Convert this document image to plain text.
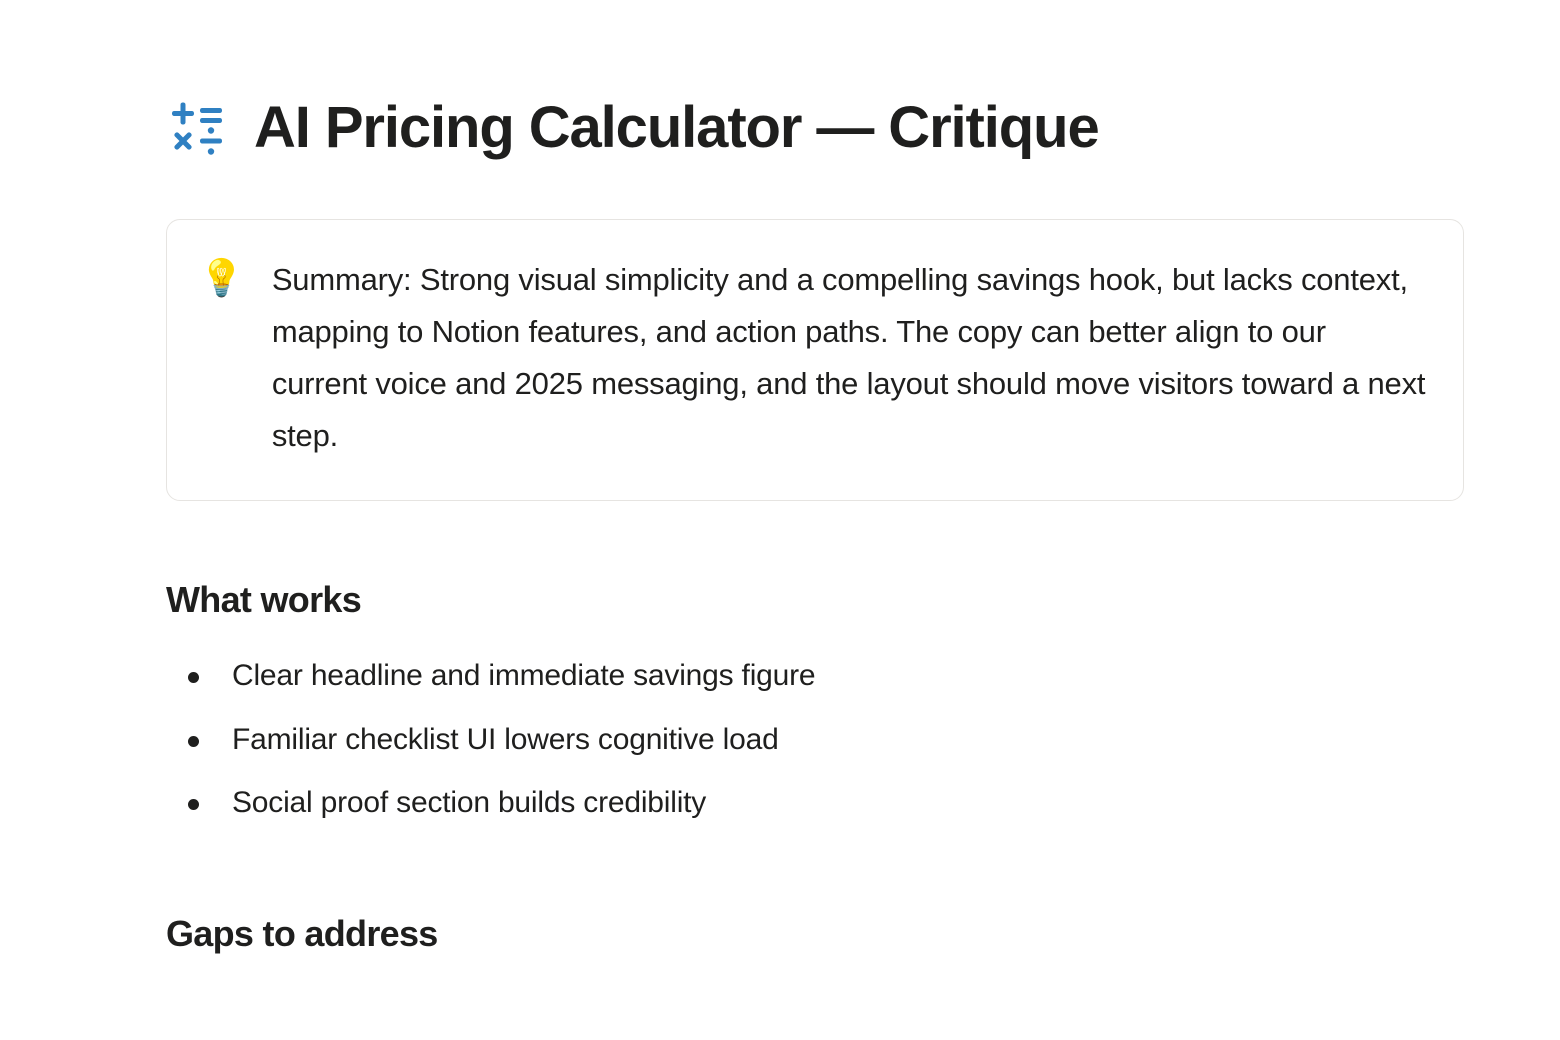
AI Pricing Calculator — Critique
💡 Summary: Strong visual simplicity and a compelling savings hook, but lacks context, mapping to Notion features, and action paths. The copy can better align to our current voice and 2025 messaging, and the layout should move visitors toward a next step.
What works
Clear headline and immediate savings figure
Familiar checklist UI lowers cognitive load
Social proof section builds credibility
Gaps to address
